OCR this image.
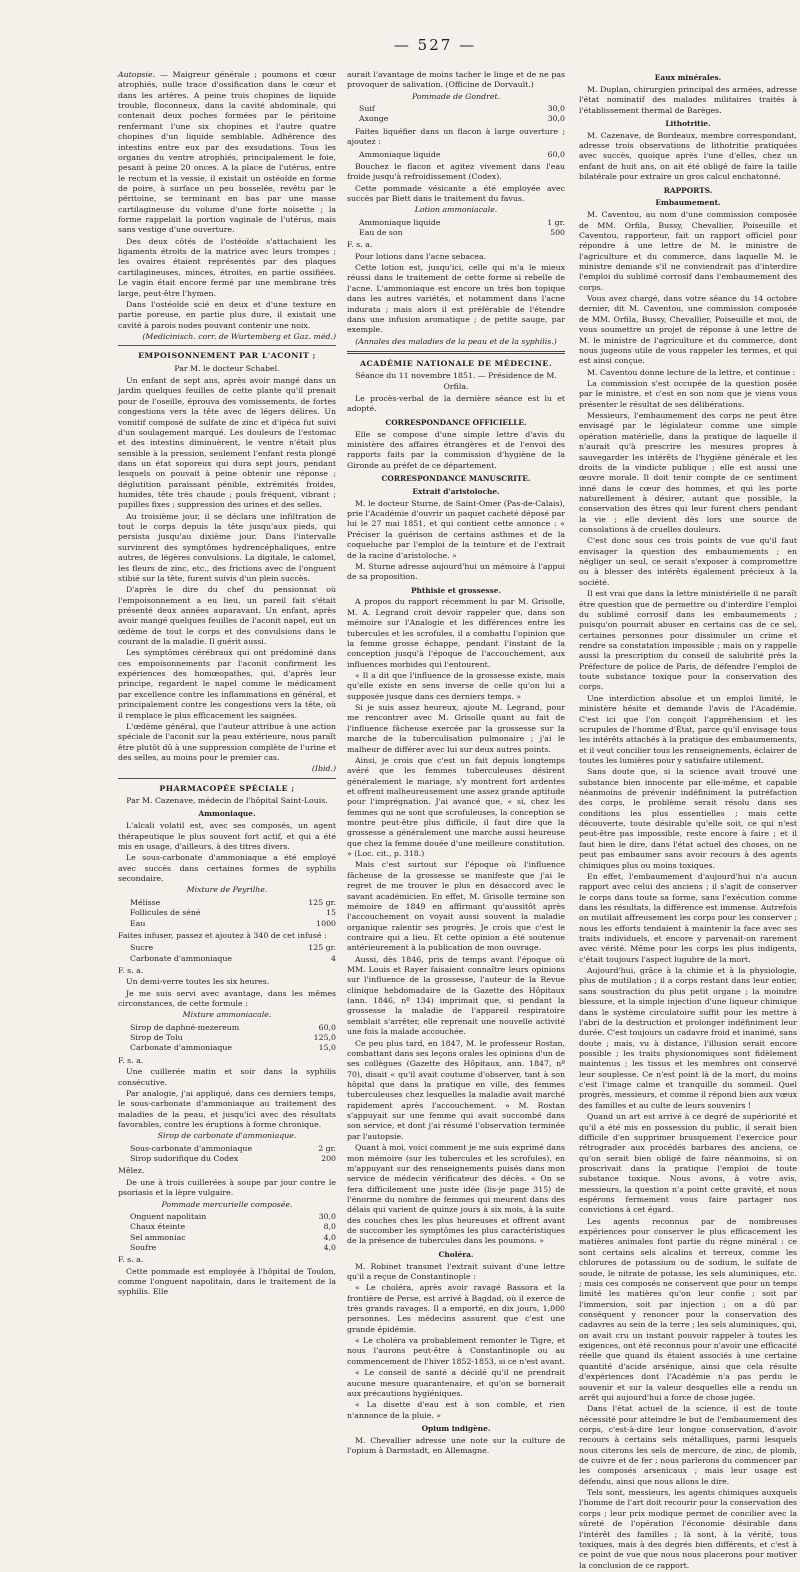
— 527 —

Autopsie. — Maigreur générale ; poumons et cœur atrophiés, nulle trace d'ossification dans le cœur et dans les artères. A peine trois chopines de liquide trouble, floconneux, dans la cavité abdominale, qui contenait deux poches formées par le péritoine renfermant l'une six chopines et l'autre quatre chopines d'un liquide semblable. Adhérence des intestins entre eux par des exsudations. Tous les organes du ventre atrophiés, principalement le foie, pesant à peine 20 onces. A la place de l'utérus, entre le rectum et la vessie, il existait un ostéoïde en forme de poire, à surface un peu bosselée, revêtu par le péritoine, se terminant en bas par une masse cartilagineuse du volume d'une forte noisette ; la forme rappelait la portion vaginale de l'utérus, mais sans vestige d'une ouverture.

Des deux côtés de l'ostéoïde s'attachaient les ligaments étroits de la matrice avec leurs trompes ; les ovaires étaient représentés par des plaques cartilagineuses, minces, étroites, en partie ossifiées. Le vagin était encore fermé par une membrane très large, peut-être l'hymen.

Dans l'ostéoïde scié en deux et d'une texture en partie poreuse, en partie plus dure, il existait une cavité à parois nodes pouvant contenir une noix.

(Medicinisch. corr. de Wurtemberg et Gaz. méd.)
EMPOISONNEMENT PAR L'ACONIT ;
Par M. le docteur Schabel.

Un enfant de sept ans, après avoir mangé dans un jardin quelques feuilles de cette plante qu'il prenait pour de l'oseille, éprouva des vomissements, de fortes congestions vers la tête avec de légers délires. Un vomitif composé de sulfate de zinc et d'ipéca fut suivi d'un soulagement marqué. Les douleurs de l'estomac et des intestins diminuèrent, le ventre n'était plus sensible à la pression, seulement l'enfant resta plongé dans un état soporeux qui dura sept jours, pendant lesquels on pouvait à peine obtenir une réponse ; déglutition paraissant pénible, extrémités froides, humides, tête très chaude ; pouls fréquent, vibrant ; pupilles fixes ; suppression des urines et des selles.

Au troisième jour, il se déclara une infiltration de tout le corps depuis la tête jusqu'aux pieds, qui persista jusqu'au dixième jour. Dans l'intervalle survinrent des symptômes hydrencéphaliques, entre autres, de légères convulsions. La digitale, le calomel, les fleurs de zinc, etc., des frictions avec de l'onguent stibié sur la tête, furent suivis d'un plein succès.

D'après le dire du chef du pensionnat où l'empoisonnement a eu lieu, un pareil fait s'était présenté deux années auparavant. Un enfant, après avoir mangé quelques feuilles de l'aconit napel, eut un œdème de tout le corps et des convulsions dans le courant de la maladie. Il guérit aussi.

Les symptômes cérébraux qui ont prédominé dans ces empoisonnements par l'aconit confirment les expériences des homœopathes, qui, d'après leur principe, regardent le napel comme le médicament par excellence contre les inflammations en général, et principalement contre les congestions vers la tête, où il remplace le plus efficacement les saignées.

L'œdème général, que l'auteur attribue à une action spéciale de l'aconit sur la peau extérieure, nous paraît être plutôt dû à une suppression complète de l'urine et des selles, au moins pour le premier cas.

(Ibid.)
PHARMACOPÉE SPÉCIALE ;
Par M. Cazenave, médecin de l'hôpital Saint-Louis.
Ammoniaque.

L'alcali volatil est, avec ses composés, un agent thérapeutique le plus souvent fort actif, et qui a été mis en usage, d'ailleurs, à des titres divers.

Le sous-carbonate d'ammoniaque a été employé avec succès dans certaines formes de syphilis secondaire.

Mixture de Peyrilhe.
Mélisse	125 gr.
Follicules de séné	15
Eau	1000

Faites infuser, passez et ajoutez à 340 de cet infusé :

Sucre	125 gr.
Carbonate d'ammoniaque	4

F. s. a.

Un demi-verre toutes les six heures.

Je me suis servi avec avantage, dans les mêmes circonstances, de cette formule :

Mixture ammoniacale.
Sirop de daphné-mezereum	60,0
Sirop de Tolu	125,0
Carbonate d'ammoniaque	15,0

F. s. a.

Une cuillerée matin et soir dans la syphilis consécutive.

Par analogie, j'ai appliqué, dans ces derniers temps, le sous-carbonate d'ammoniaque au traitement des maladies de la peau, et jusqu'ici avec des résultats favorables, contre les éruptions à forme chronique.

Sirop de carbonate d'ammoniaque.
Sous-carbonate d'ammoniaque	2 gr.
Sirop sudorifique du Codex	200

Mêlez.

De une à trois cuillerées à soupe par jour contre le psoriasis et la lèpre vulgaire.

Pommade mercurielle composée.
Onguent napolitain	30,0
Chaux éteinte	8,0
Sel ammoniac	4,0
Soufre	4,0

F. s. a.

Cette pommade est employée à l'hôpital de Toulon, comme l'onguent napolitain, dans le traitement de la syphilis. Elle

aurait l'avantage de moins tacher le linge et de ne pas provoquer de salivation. (Officine de Dorvault.)

Pommade de Gondret.
Suif	30,0
Axonge	30,0

Faites liquéfier dans un flacon à large ouverture ; ajoutez :

Ammoniaque liquide	60,0

Bouchez le flacon et agitez vivement dans l'eau froide jusqu'à refroidissement (Codex).

Cette pommade vésicante a été employée avec succès par Biett dans le traitement du favus.

Lotion ammoniacale.
Ammoniaque liquide	1 gr.
Eau de son	500

F. s. a.

Pour lotions dans l'acne sebacea.

Cette lotion est, jusqu'ici, celle qui m'a le mieux réussi dans le traitement de cette forme si rebelle de l'acne. L'ammoniaque est encore un très bon topique dans les autres variétés, et notamment dans l'acne indurata ; mais alors il est préférable de l'étendre dans une infusion aromatique ; de petite sauge, par exemple.

(Annales des maladies de la peau et de la syphilis.)
ACADÉMIE NATIONALE DE MÉDECINE.
Séance du 11 novembre 1851. — Présidence de M. Orfila.

Le procès-verbal de la dernière séance est lu et adopté.

CORRESPONDANCE OFFICIELLE.

Elle se compose d'une simple lettre d'avis du ministère des affaires étrangères et de l'envoi des rapports faits par la commission d'hygiène de la Gironde au préfet de ce département.

CORRESPONDANCE MANUSCRITE.
Extrait d'aristoloche.

M. le docteur Sturne, de Saint-Omer (Pas-de-Calais), prie l'Académie d'ouvrir un paquet cacheté déposé par lui le 27 mai 1851, et qui contient cette annonce : « Préciser la guérison de certains asthmes et de la coqueluche par l'emploi de la teinture et de l'extrait de la racine d'aristoloche. »

M. Sturne adresse aujourd'hui un mémoire à l'appui de sa proposition.

Phthisie et grossesse.

A propos du rapport récemment lu par M. Grisolle, M. A. Legrand croit devoir rappeler que, dans son mémoire sur l'Analogie et les différences entre les tubercules et les scrofules, il a combattu l'opinion que la femme grosse échappe, pendant l'instant de la conception jusqu'à l'époque de l'accouchement, aux influences morbides qui l'entourent.

« Il a dit que l'influence de la grossesse existe, mais qu'elle existe en sens inverse de celle qu'on lui a supposée jusque dans ces derniers temps. »

Si je suis assez heureux, ajoute M. Legrand, pour me rencontrer avec M. Grisolle quant au fait de l'influence fâcheuse exercée par la grossesse sur la marche de la tuberculisation pulmonaire ; j'ai le malheur de différer avec lui sur deux autres points.

Ainsi, je crois que c'est un fait depuis longtemps avéré que les femmes tuberculeuses désirent généralement le mariage, s'y montrent fort ardentes et offrent malheureusement une assez grande aptitude pour l'imprégnation. J'ai avancé que, « si, chez les femmes qui ne sont que scrofuleuses, la conception se montre peut-être plus difficile, il faut dire que la grossesse a généralement une marche aussi heureuse que chez la femme douée d'une meilleure constitution. » (Loc. cit., p. 318.)

Mais c'est surtout sur l'époque où l'influence fâcheuse de la grossesse se manifeste que j'ai le regret de me trouver le plus en désaccord avec le savant académicien. En effet, M. Grisolle termine son mémoire de 1849 en affirmant qu'aussitôt après l'accouchement on voyait aussi souvent la maladie organique ralentir ses progrès. Je crois que c'est le contraire qui a lieu. Et cette opinion a été soutenue antérieurement à la publication de mon ouvrage.

Aussi, dès 1846, pris de temps avant l'époque où MM. Louis et Rayer faisaient connaître leurs opinions sur l'influence de la grossesse, l'auteur de la Revue clinique hebdomadaire de la Gazette des Hôpitaux (ann. 1846, nº 134) imprimait que, si pendant la grossesse la maladie de l'appareil respiratoire semblait s'arrêter, elle reprenait une nouvelle activité une fois la malade accouchée.

Ce peu plus tard, en 1847, M. le professeur Rostan, combattant dans ses leçons orales les opinions d'un de ses collègues (Gazette des Hôpitaux, ann. 1847, nº 70), disait « qu'il avait coutume d'observer, tant à son hôpital que dans la pratique en ville, des femmes tuberculeuses chez lesquelles la maladie avait marché rapidement après l'accouchement. » M. Rostan s'appuyait sur une femme qui avait succombé dans son service, et dont j'ai résumé l'observation terminée par l'autopsie.

Quant à moi, voici comment je me suis exprimé dans mon mémoire (sur les tubercules et les scrofules), en m'appuyant sur des renseignements puisés dans mon service de médecin vérificateur des décès. « On se fera difficilement une juste idée (lis-je page 315) de l'énorme du nombre de femmes qui meurent dans des délais qui varient de quinze jours à six mois, à la suite des couches ches les plus heureuses et offrent avant de succomber les symptômes les plus caractéristiques de la présence de tubercules dans les poumons. »

Choléra.

M. Robinet transmet l'extrait suivant d'une lettre qu'il a reçue de Constantinople :

« Le choléra, après avoir ravagé Bassora et la frontière de Perse, est arrivé à Bagdad, où il exerce de très grands ravages. Il a emporté, en dix jours, 1,000 personnes. Les médecins assurent que c'est une grande épidémie.

« Le choléra va probablement remonter le Tigre, et nous l'aurons peut-être à Constantinople ou au commencement de l'hiver 1852-1853, si ce n'est avant.

« Le conseil de santé a décidé qu'il ne prendrait aucune mesure quarantenaire, et qu'on se bornerait aux précautions hygiéniques.

« La disette d'eau est à son comble, et rien n'annonce de la pluie. »

Opium indigène.

M. Chevallier adresse une note sur la culture de l'opium à Darmstadt, en Allemagne.

Eaux minérales.

M. Duplan, chirurgien principal des armées, adresse l'état nominatif des malades militaires traités à l'établissement thermal de Barèges.

Lithotritie.

M. Cazenave, de Bordeaux, membre correspondant, adresse trois observations de lithotritie pratiquées avec succès, quoique après l'une d'elles, chez un enfant de huit ans, on ait été obligé de faire la taille bilatérale pour extraire un gros calcul enchatonné.

RAPPORTS.
Embaumement.

M. Caventou, au nom d'une commission composée de MM. Orfila, Bussy, Chevallier, Poiseuille et Caventou, rapporteur, fait un rapport officiel pour répondre à une lettre de M. le ministre de l'agriculture et du commerce, dans laquelle M. le ministre demande s'il ne conviendrait pas d'interdire l'emploi du sublimé corrosif dans l'embaumement des corps.

Vous avez chargé, dans votre séance du 14 octobre dernier, dit M. Caventou, une commission composée de MM. Orfila, Bussy, Chevallier, Poiseuille et moi, de vous soumettre un projet de réponse à une lettre de M. le ministre de l'agriculture et du commerce, dont nous jugeons utile de vous rappeler les termes, et qui est ainsi conçue.

M. Caventou donne lecture de la lettre, et continue :

La commission s'est occupée de la question posée par le ministre, et c'est en son nom que je viens vous présenter le résultat de ses délibérations.

Messieurs, l'embaumement des corps ne peut être envisagé par le législateur comme une simple opération matérielle, dans la pratique de laquelle il n'aurait qu'à prescrire les mesures propres à sauvegarder les intérêts de l'hygiène générale et les droits de la vindicte publique ; elle est aussi une œuvre morale. Il doit tenir compte de ce sentiment inné dans le cœur des hommes, et qui les porte naturellement à désirer, autant que possible, la conservation des êtres qui leur furent chers pendant la vie ; elle devient dès lors une source de consolations à de cruelles douleurs.

C'est donc sous ces trois points de vue qu'il faut envisager la question des embaumements ; en négliger un seul, ce serait s'exposer à compromettre ou à blesser des intérêts également précieux à la société.

Il est vrai que dans la lettre ministérielle il ne paraît être question que de permettre ou d'interdire l'emploi du sublimé corrosif dans les embaumements ; puisqu'on pourrait abuser en certains cas de ce sel, certaines personnes pour dissimuler un crime et rendre sa constatation impossible ; mais on y rappelle aussi la prescription du conseil de salubrité près la Préfecture de police de Paris, de défendre l'emploi de toute substance toxique pour la conservation des corps.

Une interdiction absolue et un emploi limité, le ministère hésite et demande l'avis de l'Académie. C'est ici que l'on conçoit l'appréhension et les scrupules de l'homme d'État, parce qu'il envisage tous les intérêts attachés à la pratique des embaumements, et il veut concilier tous les renseignements, éclairer de toutes les lumières pour y satisfaire utilement.

Sans doute que, si la science avait trouvé une substance bien innocente par elle-même, et capable néanmoins de prévenir indéfiniment la putréfaction des corps, le problème serait résolu dans ses conditions les plus essentielles ; mais cette découverte, toute désirable qu'elle soit, ce qui n'est peut-être pas impossible, reste encore à faire ; et il faut bien le dire, dans l'état actuel des choses, on ne peut pas embaumer sans avoir recours à des agents chimiques plus ou moins toxiques.

En effet, l'embaumement d'aujourd'hui n'a aucun rapport avec celui des anciens ; il s'agit de conserver le corps dans toute sa forme, sans l'exécution comme dans les résultats, la différence est immense. Autrefois on mutilait affreusement les corps pour les conserver ; nous les efforts tendaient à maintenir la face avec ses traits individuels, et encore y parvenait-on rarement avec vérité. Même pour les corps les plus indigents, c'était toujours l'aspect lugubre de la mort.

Aujourd'hui, grâce à la chimie et à la physiologie, plus de mutilation ; il a corps restant dans leur entier, sans soustraction du plus petit organe ; la moindre blessure, et la simple injection d'une liqueur chimique dans le système circulatoire suffit pour les mettre à l'abri de la destruction et prolonger indéfiniment leur durée. C'est toujours un cadavre froid et inanimé, sans doute ; mais, vu à distance, l'illusion serait encore possible ; les traits physionomiques sont fidèlement maintenus ; les tissus et les membres ont conservé leur souplesse. Ce n'est point là de la mort, du moins c'est l'image calme et tranquille du sommeil. Quel progrès, messieurs, et comme il répond bien aux vœux des familles et au culte de leurs souvenirs !

Quand un art est arrivé à ce degré de supériorité et qu'il a été mis en possession du public, il serait bien difficile d'en supprimer brusquement l'exercice pour rétrograder aux procédés barbares des anciens, ce qu'on serait bien obligé de faire néanmoins, si on proscrivait dans la pratique l'emploi de toute substance toxique. Nous avons, à votre avis, messieurs, la question n'a point cette gravité, et nous espérons fermement vous faire partager nos convictions à cet égard.

Les agents reconnus par de nombreuses expériences pour conserver le plus efficacement les matières animales font partie du règne minéral : ce sont certains sels alcalins et terreux, comme les chlorures de potassium ou de sodium, le sulfate de soude, le nitrate de potasse, les sels aluminiques, etc. ; mais ces composés ne conservent que pour un temps limité les matières qu'on leur confie ; soit par l'immersion, soit par injection ; on a dû par conséquent y renoncer pour la conservation des cadavres au sein de la terre ; les sels aluminiques, qui, on avait cru un instant pouvoir rappeler à toutes les exigences, ont été reconnus pour n'avoir une efficacité réelle que quand ils étaient associés à une certaine quantité d'acide arsénique, ainsi que cela résulte d'expériences dont l'Académie n'a pas perdu le souvenir et sur la valeur desquelles elle a rendu un arrêt qui aujourd'hui a force de chose jugée.

Dans l'état actuel de la science, il est de toute nécessité pour atteindre le but de l'embaumement des corps, c'est-à-dire leur longue conservation, d'avoir recours à certains sels métalliques, parmi lesquels nous citerons les sels de mercure, de zinc, de plomb, de cuivre et de fer ; nous parlerons du commencer par les composés arsenicaux ; mais leur usage est défendu, ainsi que nous allons le dire.

Tels sont, messieurs, les agents chimiques auxquels l'homme de l'art doit recourir pour la conservation des corps ; leur prix modique permet de concilier avec la sûreté de l'opération l'économie désirable dans l'intérêt des familles ; là sont, à la vérité, tous toxiques, mais à des degrés bien différents, et c'est à ce point de vue que nous nous placerons pour motiver la conclusion de ce rapport.
